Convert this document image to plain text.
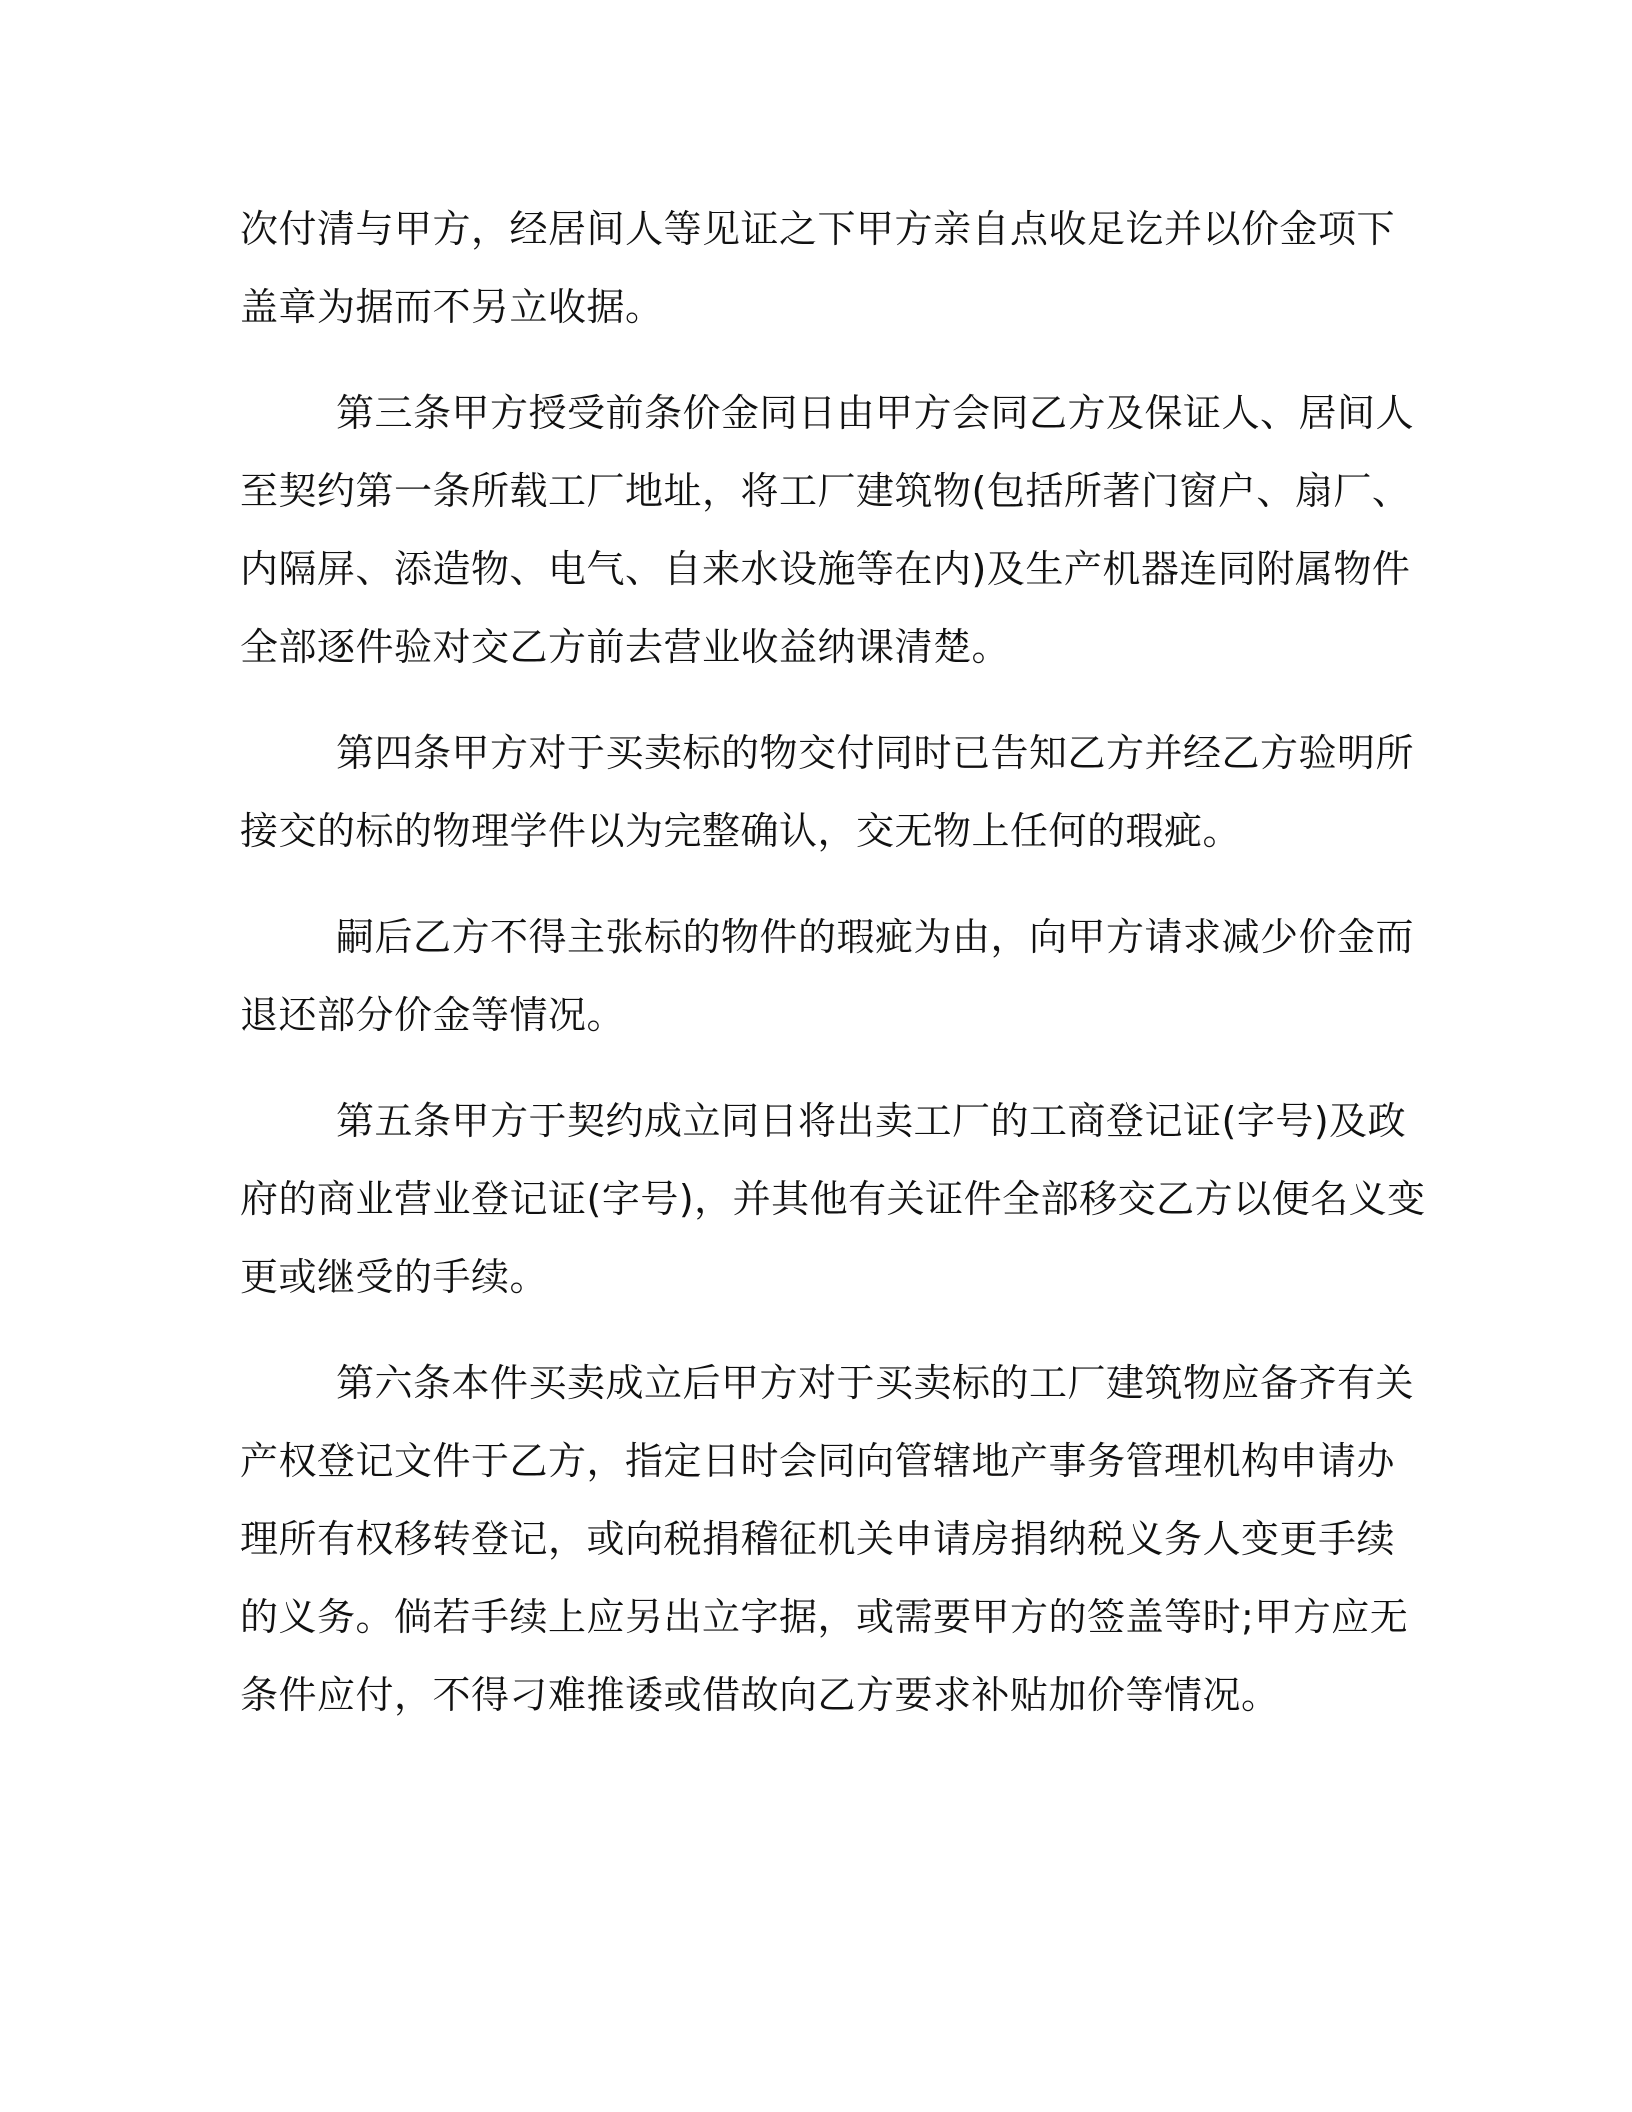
次付清与甲方，经居间人等见证之下甲方亲自点收足讫并以价金项下
盖章为据而不另立收据。
第三条甲方授受前条价金同日由甲方会同乙方及保证人、居间人
至契约第一条所载工厂地址，将工厂建筑物(包括所著门窗户、扇厂、
内隔屏、添造物、电气、自来水设施等在内)及生产机器连同附属物件
全部逐件验对交乙方前去营业收益纳课清楚。
第四条甲方对于买卖标的物交付同时已告知乙方并经乙方验明所
接交的标的物理学件以为完整确认，交无物上任何的瑕疵。
嗣后乙方不得主张标的物件的瑕疵为由，向甲方请求减少价金而
退还部分价金等情况。
第五条甲方于契约成立同日将出卖工厂的工商登记证(字号)及政
府的商业营业登记证(字号)，并其他有关证件全部移交乙方以便名义变
更或继受的手续。
第六条本件买卖成立后甲方对于买卖标的工厂建筑物应备齐有关
产权登记文件于乙方，指定日时会同向管辖地产事务管理机构申请办
理所有权移转登记，或向税捐稽征机关申请房捐纳税义务人变更手续
的义务。倘若手续上应另出立字据，或需要甲方的签盖等时;甲方应无
条件应付，不得刁难推诿或借故向乙方要求补贴加价等情况。
